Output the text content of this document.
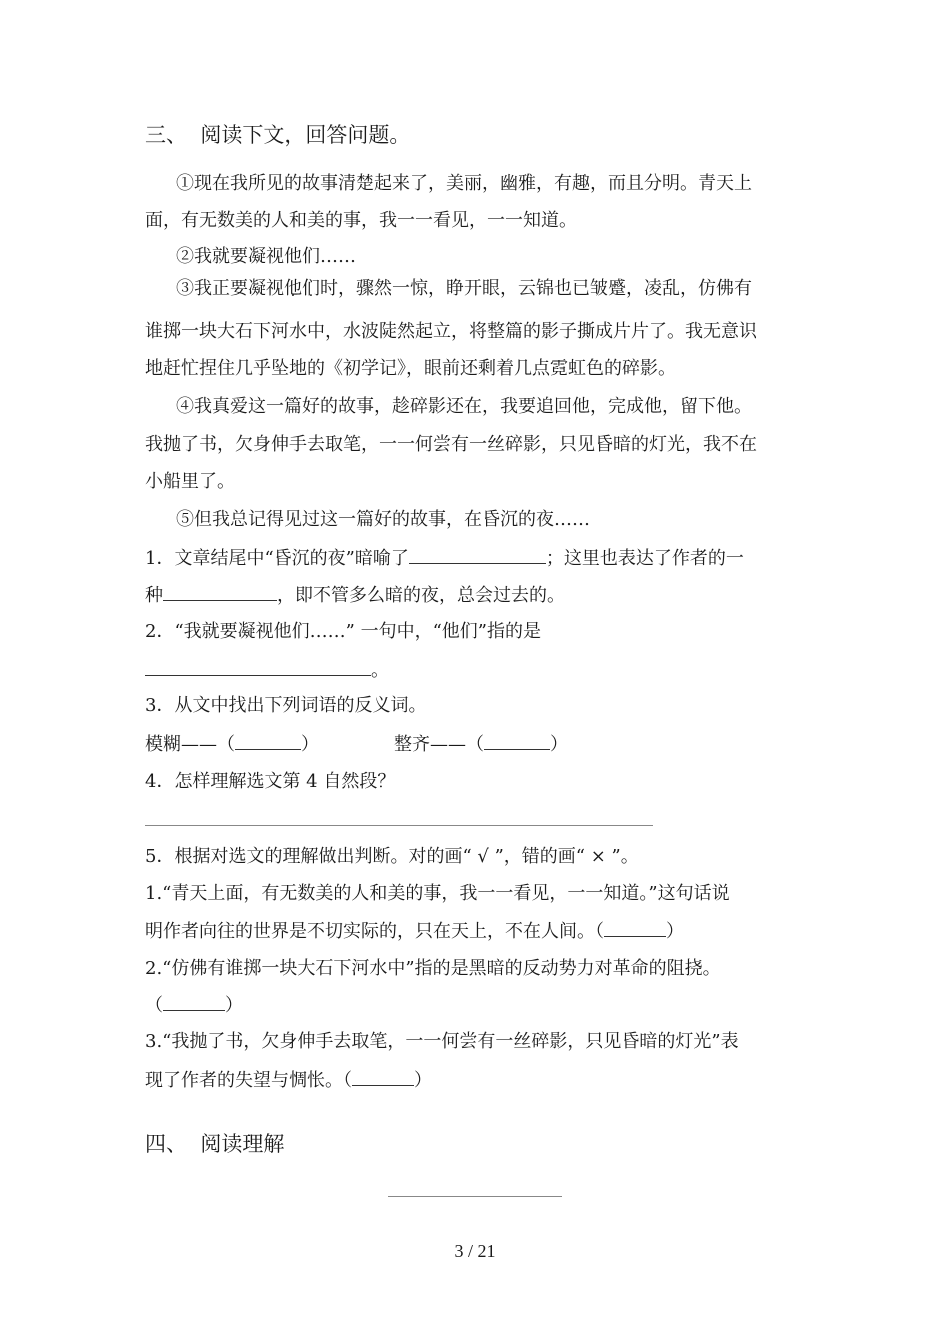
三、 阅读下文，回答问题。
①现在我所见的故事清楚起来了，美丽，幽雅，有趣，而且分明。青天上
面，有无数美的人和美的事，我一一看见，一一知道。
②我就要凝视他们……
③我正要凝视他们时，骤然一惊，睁开眼，云锦也已皱蹙，凌乱，仿佛有
谁掷一块大石下河水中，水波陡然起立，将整篇的影子撕成片片了。我无意识
地赶忙捏住几乎坠地的《初学记》，眼前还剩着几点霓虹色的碎影。
④我真爱这一篇好的故事，趁碎影还在，我要追回他，完成他，留下他。
我抛了书，欠身伸手去取笔，一一何尝有一丝碎影，只见昏暗的灯光，我不在
小船里了。
⑤但我总记得见过这一篇好的故事，在昏沉的夜……
1．文章结尾中“昏沉的夜”暗喻了	；这里也表达了作者的一
种	，即不管多么暗的夜，总会过去的。
2．“我就要凝视他们……” 一句中，“他们”指的是
。
3．从文中找出下列词语的反义词。
模糊——（	）	整齐——（	）
4．怎样理解选文第 4 自然段？
5．根据对选文的理解做出判断。对的画“ √ ”，错的画“ × ”。
1.“青天上面，有无数美的人和美的事，我一一看见，一一知道。”这句话说
明作者向往的世界是不切实际的，只在天上，不在人间。（	）
2.“仿佛有谁掷一块大石下河水中”指的是黑暗的反动势力对革命的阻挠。
（	）
3.“我抛了书，欠身伸手去取笔，一一何尝有一丝碎影，只见昏暗的灯光”表
现了作者的失望与惆怅。（	）
四、 阅读理解
3 / 21
